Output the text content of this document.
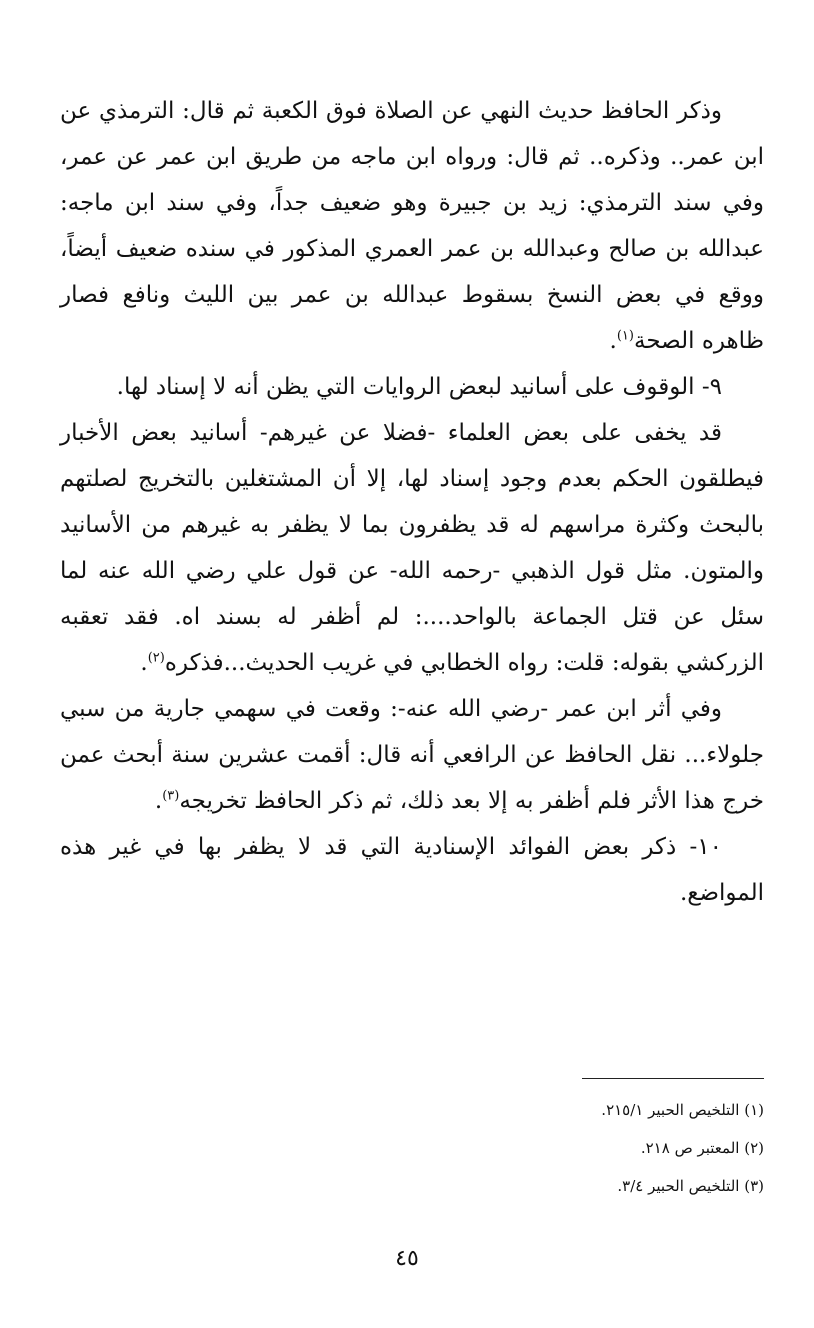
وذكر الحافظ حديث النهي عن الصلاة فوق الكعبة ثم قال: الترمذي عن ابن عمر.. وذكره.. ثم قال: ورواه ابن ماجه من طريق ابن عمر عن عمر، وفي سند الترمذي: زيد بن جبيرة وهو ضعيف جداً، وفي سند ابن ماجه: عبدالله بن صالح وعبدالله بن عمر العمري المذكور في سنده ضعيف أيضاً، ووقع في بعض النسخ بسقوط عبدالله بن عمر بين الليث ونافع فصار ظاهره الصحة$^{(١)}$.

٩- الوقوف على أسانيد لبعض الروايات التي يظن أنه لا إسناد لها.

قد يخفى على بعض العلماء -فضلا عن غيرهم- أسانيد بعض الأخبار فيطلقون الحكم بعدم وجود إسناد لها، إلا أن المشتغلين بالتخريج لصلتهم بالبحث وكثرة مراسهم له قد يظفرون بما لا يظفر به غيرهم من الأسانيد والمتون. مثل قول الذهبي -رحمه الله- عن قول علي رضي الله عنه لما سئل عن قتل الجماعة بالواحد....: لم أظفر له بسند اه. فقد تعقبه الزركشي بقوله: قلت: رواه الخطابي في غريب الحديث...فذكره$^{(٢)}$.

وفي أثر ابن عمر -رضي الله عنه-: وقعت في سهمي جارية من سبي جلولاء... نقل الحافظ عن الرافعي أنه قال: أقمت عشرين سنة أبحث عمن خرج هذا الأثر فلم أظفر به إلا بعد ذلك، ثم ذكر الحافظ تخريجه$^{(٣)}$.

١٠- ذكر بعض الفوائد الإسنادية التي قد لا يظفر بها في غير هذه المواضع.

(١) التلخيص الحبير ٢١٥/١.

(٢) المعتبر ص ٢١٨.

(٣) التلخيص الحبير ٣/٤.

٤٥
